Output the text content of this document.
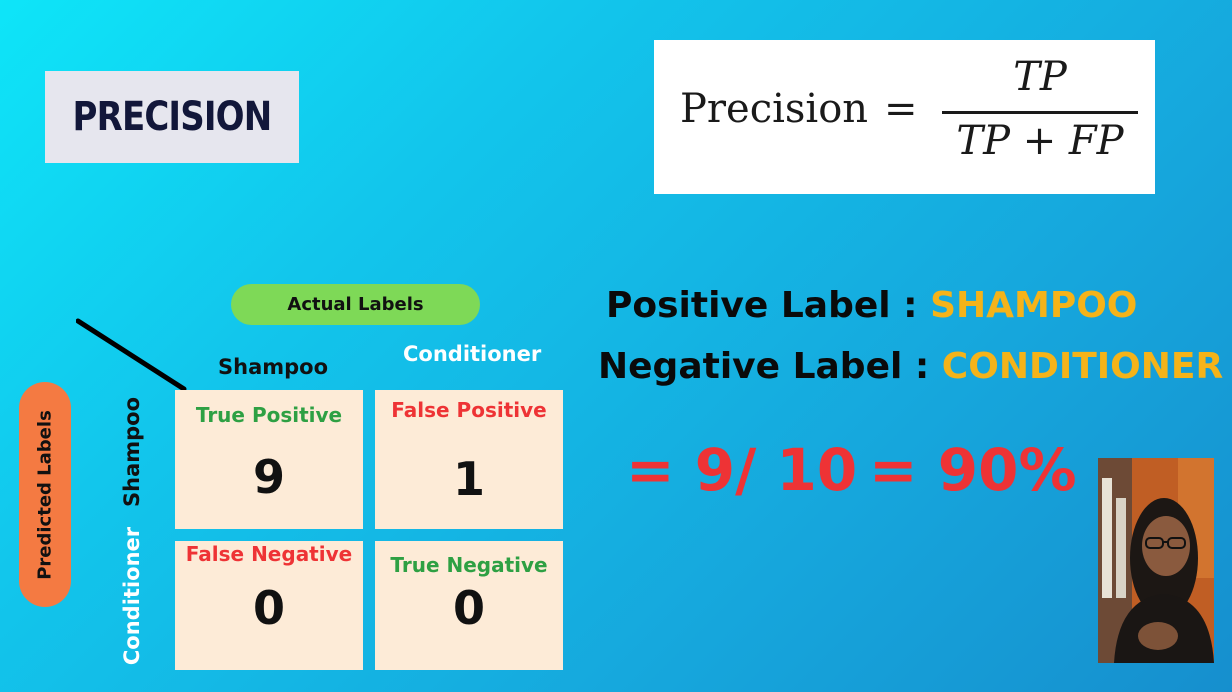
PRECISION	Precision =
TP
TP + FP
Actual Labels
Predicted Labels
Shampoo
Conditioner
Shampoo
Conditioner
True Positive
9
False Positive
1
False Negative
0
True Negative
0
Positive Label : SHAMPOO
Negative Label : CONDITIONER
= 9/ 10 = 90%
